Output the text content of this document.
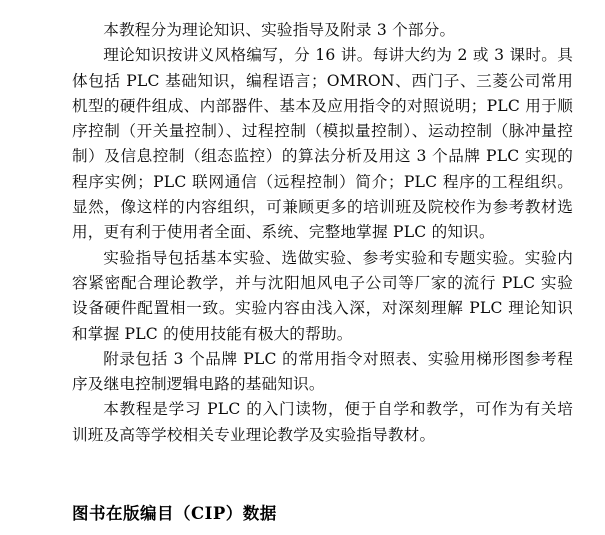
本教程分为理论知识、实验指导及附录 3 个部分。

理论知识按讲义风格编写，分 16 讲。每讲大约为 2 或 3 课时。具体包括 PLC 基础知识，编程语言；OMRON、西门子、三菱公司常用机型的硬件组成、内部器件、基本及应用指令的对照说明；PLC 用于顺序控制（开关量控制）、过程控制（模拟量控制）、运动控制（脉冲量控制）及信息控制（组态监控）的算法分析及用这 3 个品牌 PLC 实现的程序实例；PLC 联网通信（远程控制）简介；PLC 程序的工程组织。显然，像这样的内容组织，可兼顾更多的培训班及院校作为参考教材选用，更有利于使用者全面、系统、完整地掌握 PLC 的知识。

实验指导包括基本实验、选做实验、参考实验和专题实验。实验内容紧密配合理论教学，并与沈阳旭风电子公司等厂家的流行 PLC 实验设备硬件配置相一致。实验内容由浅入深，对深刻理解 PLC 理论知识和掌握 PLC 的使用技能有极大的帮助。

附录包括 3 个品牌 PLC 的常用指令对照表、实验用梯形图参考程序及继电控制逻辑电路的基础知识。

本教程是学习 PLC 的入门读物，便于自学和教学，可作为有关培训班及高等学校相关专业理论教学及实验指导教材。

图书在版编目（CIP）数据
